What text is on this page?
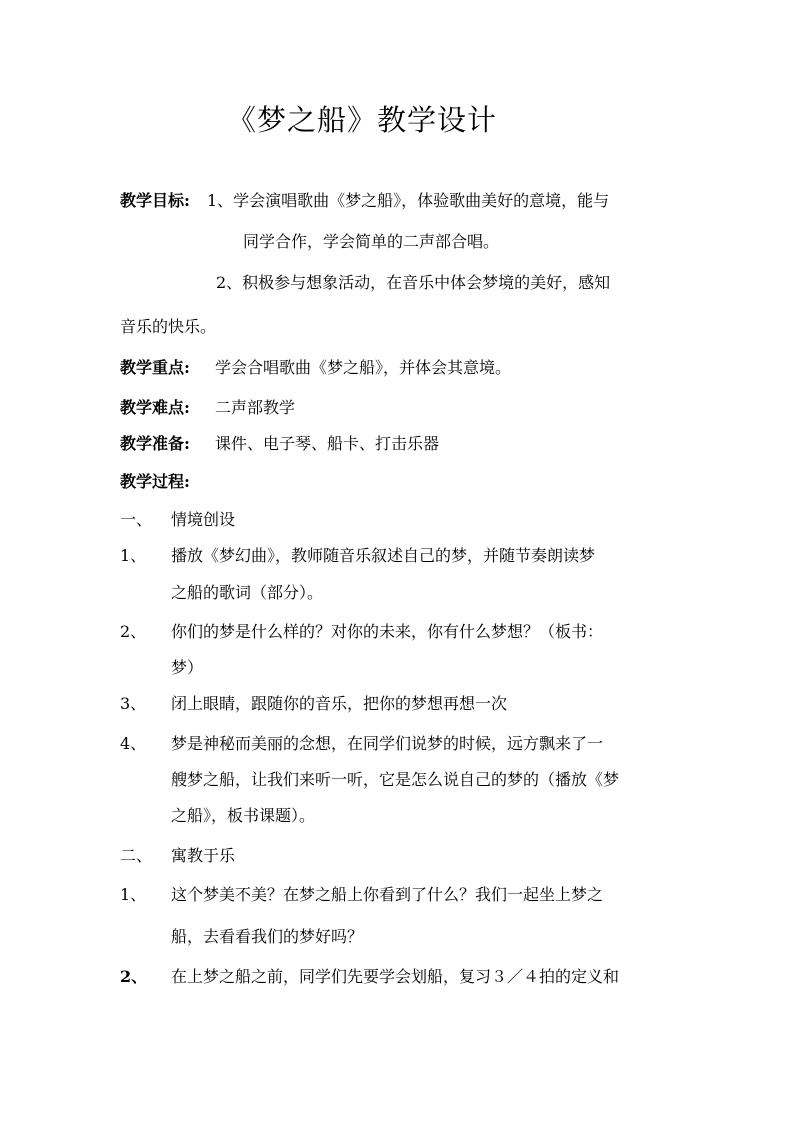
《梦之船》教学设计
教学目标: 1、学会演唱歌曲《梦之船》，体验歌曲美好的意境，能与
同学合作，学会简单的二声部合唱。
2、积极参与想象活动，在音乐中体会梦境的美好，感知
音乐的快乐。
教学重点: 学会合唱歌曲《梦之船》，并体会其意境。
教学难点: 二声部教学
教学准备: 课件、电子琴、船卡、打击乐器
教学过程:
一、 情境创设
1、 播放《梦幻曲》，教师随音乐叙述自己的梦，并随节奏朗读梦
之船的歌词（部分）。
2、 你们的梦是什么样的？对你的未来，你有什么梦想？（板书：
梦）
3、 闭上眼睛，跟随你的音乐，把你的梦想再想一次
4、 梦是神秘而美丽的念想，在同学们说梦的时候，远方飘来了一
艘梦之船，让我们来听一听，它是怎么说自己的梦的（播放《梦
之船》，板书课题）。
二、 寓教于乐
1、 这个梦美不美？在梦之船上你看到了什么？我们一起坐上梦之
船，去看看我们的梦好吗？
2、 在上梦之船之前，同学们先要学会划船，复习３／４拍的定义和
